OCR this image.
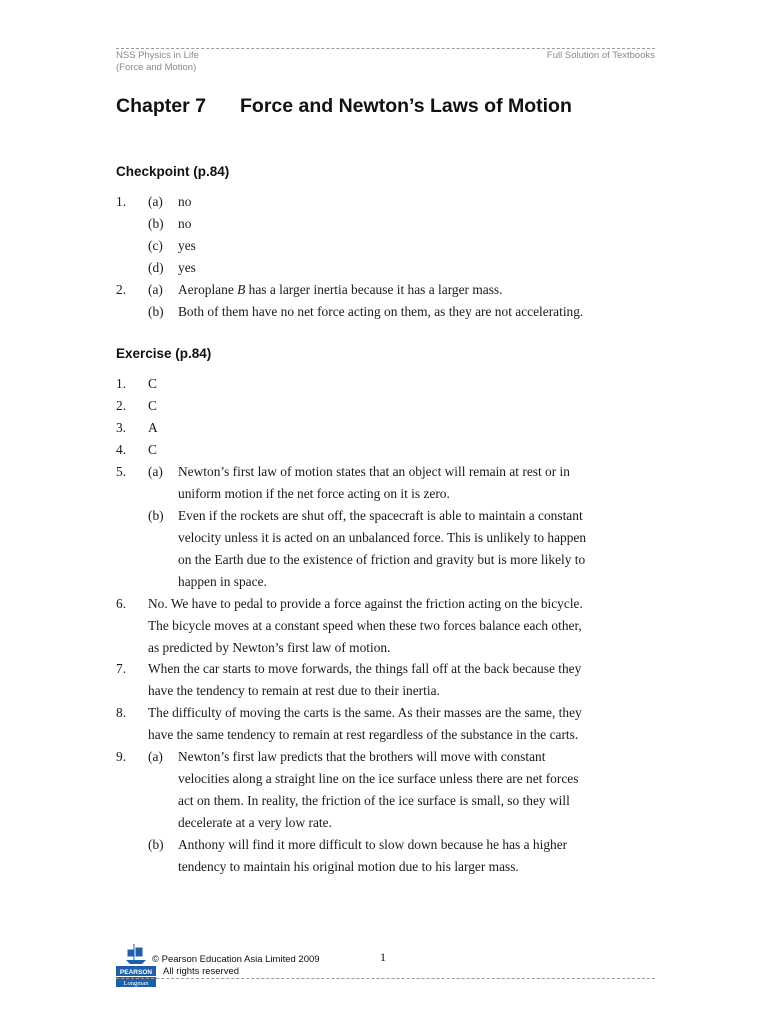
NSS Physics in Life
(Force and Motion)
Full Solution of Textbooks
Chapter 7 Force and Newton’s Laws of Motion
Checkpoint (p.84)
1. (a) no
(b) no
(c) yes
(d) yes
2. (a) Aeroplane B has a larger inertia because it has a larger mass.
(b) Both of them have no net force acting on them, as they are not accelerating.
Exercise (p.84)
1. C
2. C
3. A
4. C
5. (a) Newton’s first law of motion states that an object will remain at rest or in
uniform motion if the net force acting on it is zero.
(b) Even if the rockets are shut off, the spacecraft is able to maintain a constant
velocity unless it is acted on an unbalanced force. This is unlikely to happen
on the Earth due to the existence of friction and gravity but is more likely to
happen in space.
6. No. We have to pedal to provide a force against the friction acting on the bicycle.
The bicycle moves at a constant speed when these two forces balance each other,
as predicted by Newton’s first law of motion.
7. When the car starts to move forwards, the things fall off at the back because they
have the tendency to remain at rest due to their inertia.
8. The difficulty of moving the carts is the same. As their masses are the same, they
have the same tendency to remain at rest regardless of the substance in the carts.
9. (a) Newton’s first law predicts that the brothers will move with constant
velocities along a straight line on the ice surface unless there are net forces
act on them. In reality, the friction of the ice surface is small, so they will
decelerate at a very low rate.
(b) Anthony will find it more difficult to slow down because he has a higher
tendency to maintain his original motion due to his larger mass.
PEARSON
Longman
© Pearson Education Asia Limited 2009
All rights reserved
1
